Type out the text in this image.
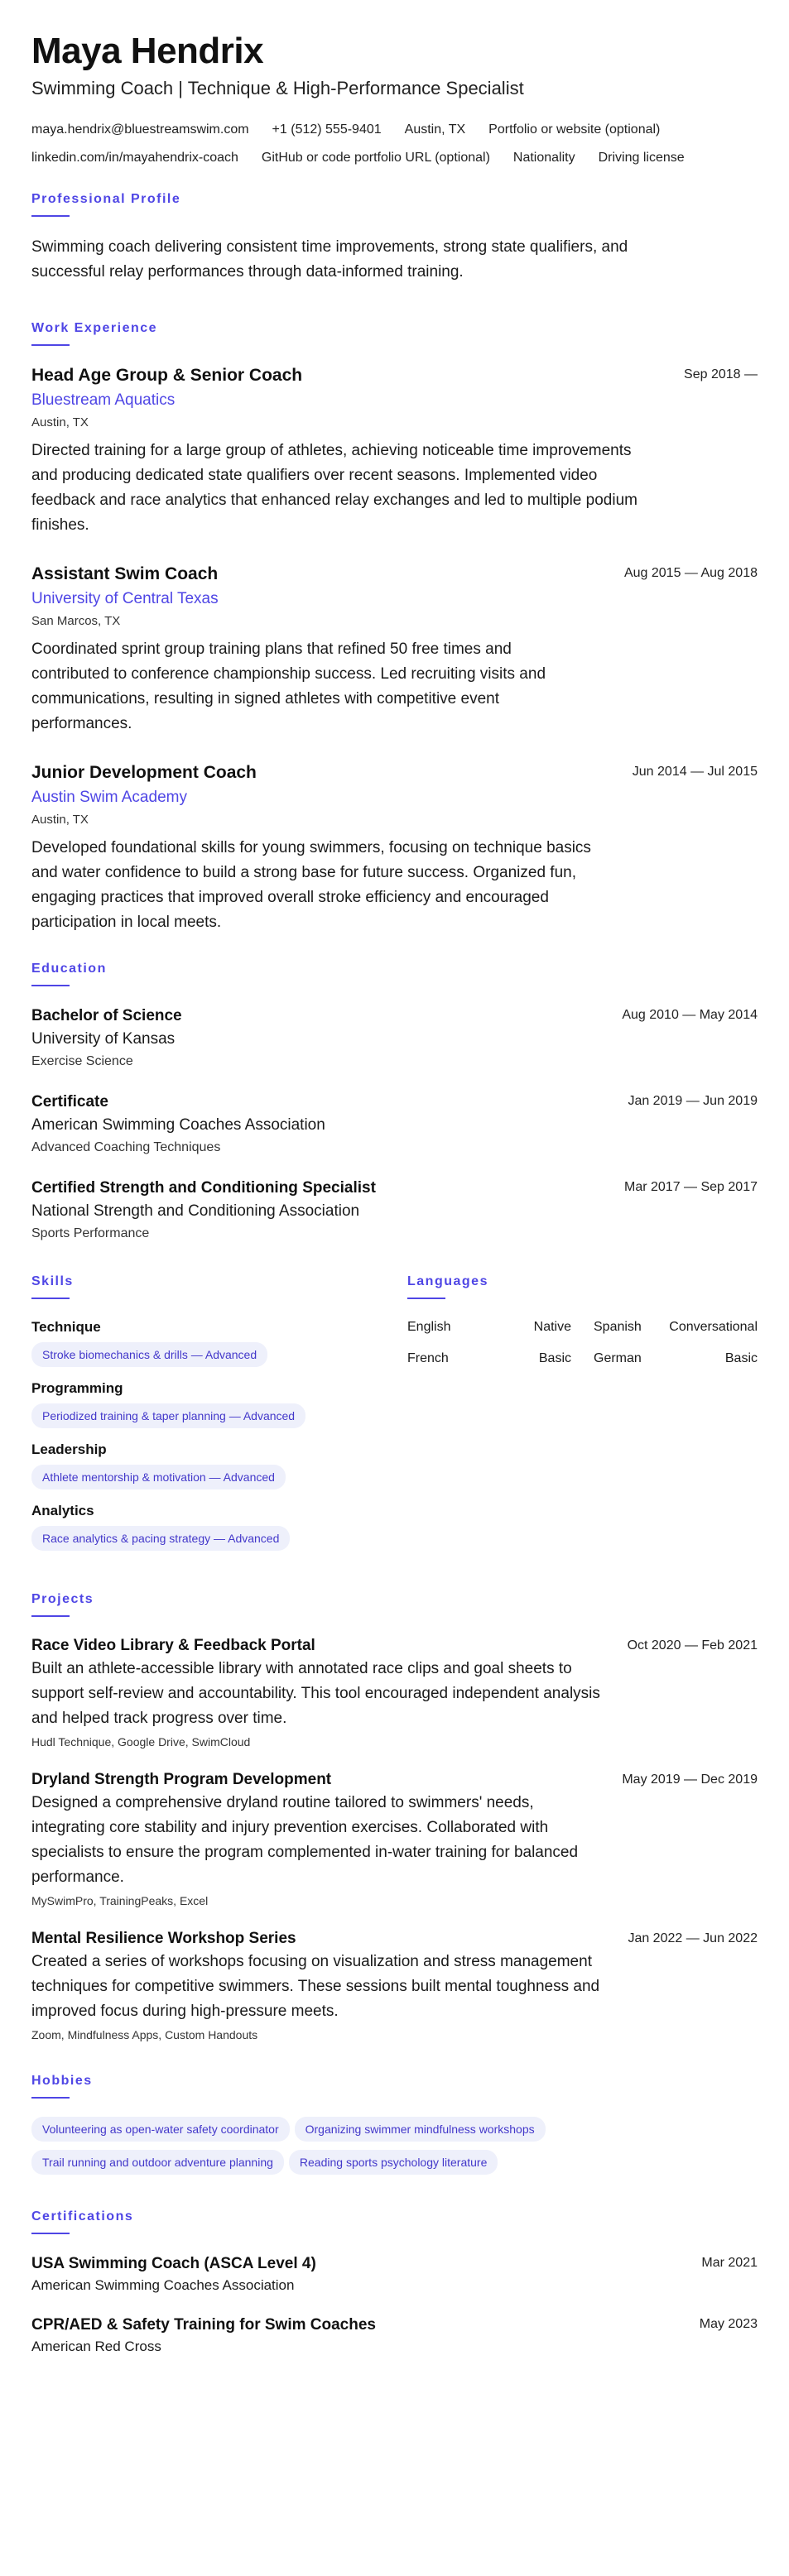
Maya Hendrix
Swimming Coach | Technique & High-Performance Specialist
maya.hendrix@bluestreamswim.com +1 (512) 555-9401 Austin, TX Portfolio or website (optional)linkedin.com/in/mayahendrix-coach GitHub or code portfolio URL (optional) Nationality Driving license
Professional Profile
Swimming coach delivering consistent time improvements, strong state qualifiers, and successful relay performances through data-informed training.
Work Experience
Head Age Group & Senior Coach
Bluestream Aquatics
Austin, TX
Directed training for a large group of athletes, achieving noticeable time improvements and producing dedicated state qualifiers over recent seasons. Implemented video feedback and race analytics that enhanced relay exchanges and led to multiple podium finishes.
Sep 2018 —
Assistant Swim Coach
University of Central Texas
San Marcos, TX
Coordinated sprint group training plans that refined 50 free times and contributed to conference championship success. Led recruiting visits and communications, resulting in signed athletes with competitive event performances.
Aug 2015 — Aug 2018
Junior Development Coach
Austin Swim Academy
Austin, TX
Developed foundational skills for young swimmers, focusing on technique basics and water confidence to build a strong base for future success. Organized fun, engaging practices that improved overall stroke efficiency and encouraged participation in local meets.
Jun 2014 — Jul 2015
Education
Bachelor of Science
University of Kansas
Exercise Science
Aug 2010 — May 2014
Certificate
American Swimming Coaches Association
Advanced Coaching Techniques
Jan 2019 — Jun 2019
Certified Strength and Conditioning Specialist
National Strength and Conditioning Association
Sports Performance
Mar 2017 — Sep 2017
Skills
Technique
Stroke biomechanics & drills — Advanced
Programming
Periodized training & taper planning — Advanced
Leadership
Athlete mentorship & motivation — Advanced
Analytics
Race analytics & pacing strategy — Advanced
Languages
English	Native Spanish Conversational
French	Basic German	Basic
Projects
Race Video Library & Feedback Portal
Built an athlete-accessible library with annotated race clips and goal sheets to support self-review and accountability. This tool encouraged independent analysis and helped track progress over time.
Hudl Technique, Google Drive, SwimCloud
Oct 2020 — Feb 2021
Dryland Strength Program Development
Designed a comprehensive dryland routine tailored to swimmers' needs, integrating core stability and injury prevention exercises. Collaborated with specialists to ensure the program complemented in-water training for balanced performance.
MySwimPro, TrainingPeaks, Excel
May 2019 — Dec 2019
Mental Resilience Workshop Series
Created a series of workshops focusing on visualization and stress management techniques for competitive swimmers. These sessions built mental toughness and improved focus during high-pressure meets.
Zoom, Mindfulness Apps, Custom Handouts
Jan 2022 — Jun 2022
Hobbies
Volunteering as open-water safety coordinator Organizing swimmer mindfulness workshops
Trail running and outdoor adventure planning Reading sports psychology literature
Certifications
USA Swimming Coach (ASCA Level 4)
American Swimming Coaches Association
Mar 2021
CPR/AED & Safety Training for Swim Coaches
American Red Cross
May 2023
